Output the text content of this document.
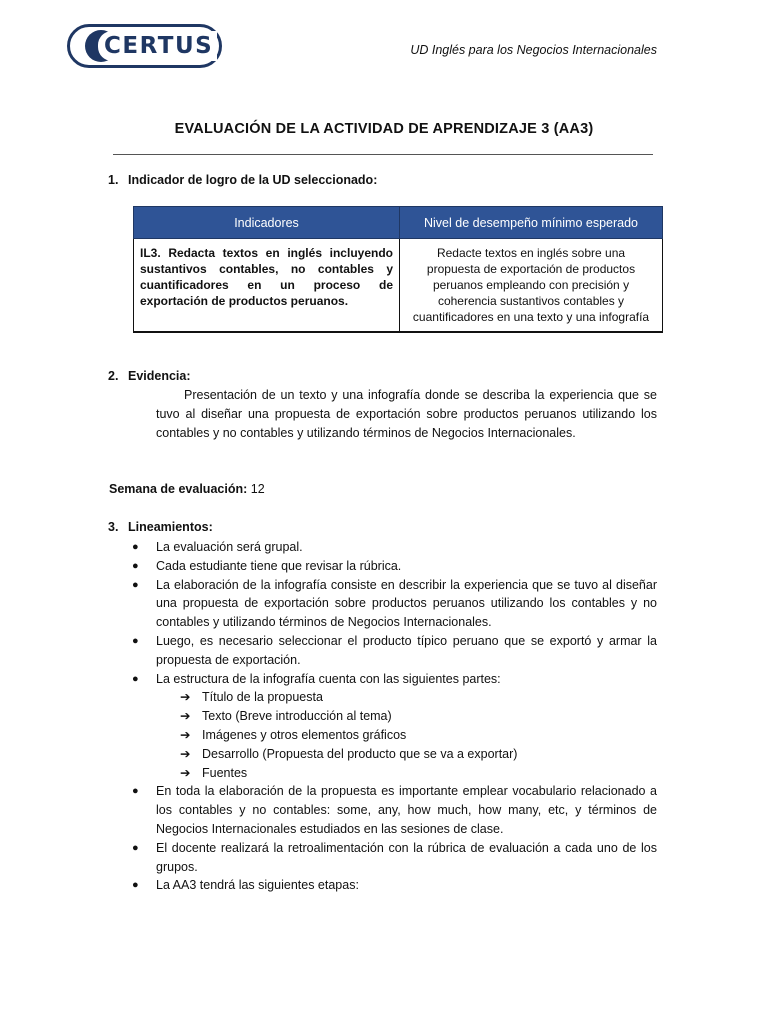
CERTUS	UD Inglés para los Negocios Internacionales
EVALUACIÓN DE LA ACTIVIDAD DE APRENDIZAJE 3 (AA3)
1. Indicador de logro de la UD seleccionado:
Indicadores	Nivel de desempeño mínimo esperado
IL3. Redacta textos en inglés incluyendo sustantivos contables, no contables y cuantificadores en un proceso de exportación de productos peruanos.	Redacte textos en inglés sobre una propuesta de exportación de productos peruanos empleando con precisión y coherencia sustantivos contables y cuantificadores en una texto y una infografía
2. Evidencia:
Presentación de un texto y una infografía donde se describa la experiencia que se tuvo al diseñar una propuesta de exportación sobre productos peruanos utilizando los contables y no contables y utilizando términos de Negocios Internacionales.
Semana de evaluación: 12
3. Lineamientos:
● La evaluación será grupal.
● Cada estudiante tiene que revisar la rúbrica.
● La elaboración de la infografía consiste en describir la experiencia que se tuvo al diseñar una propuesta de exportación sobre productos peruanos utilizando los contables y no contables y utilizando términos de Negocios Internacionales.
● Luego, es necesario seleccionar el producto típico peruano que se exportó y armar la propuesta de exportación.
● La estructura de la infografía cuenta con las siguientes partes:
➔ Título de la propuesta
➔ Texto (Breve introducción al tema)
➔ Imágenes y otros elementos gráficos
➔ Desarrollo (Propuesta del producto que se va a exportar)
➔ Fuentes
● En toda la elaboración de la propuesta es importante emplear vocabulario relacionado a los contables y no contables: some, any, how much, how many, etc, y términos de Negocios Internacionales estudiados en las sesiones de clase.
● El docente realizará la retroalimentación con la rúbrica de evaluación a cada uno de los grupos.
● La AA3 tendrá las siguientes etapas:
